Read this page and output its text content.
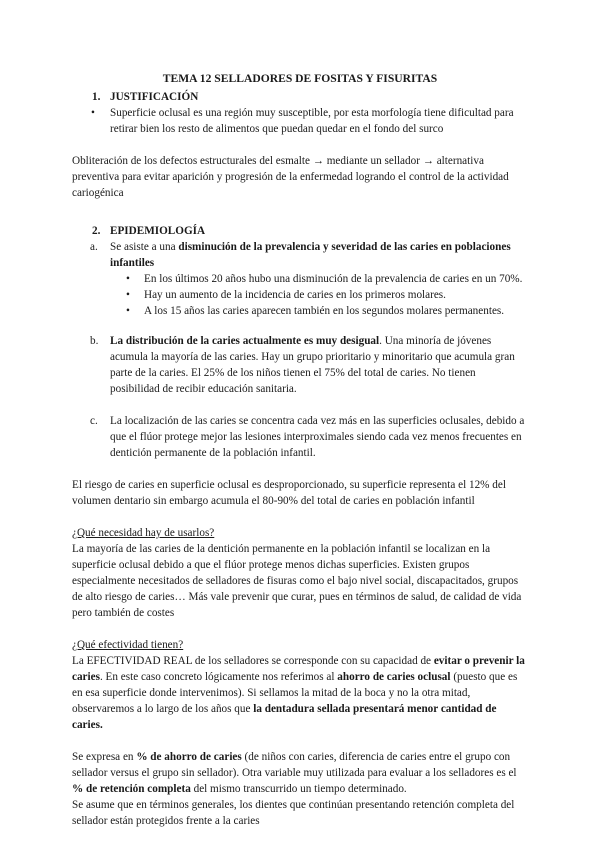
TEMA 12 SELLADORES DE FOSITAS Y FISURITAS
1. JUSTIFICACIÓN
• Superficie oclusal es una región muy susceptible, por esta morfología tiene dificultad para retirar bien los resto de alimentos que puedan quedar en el fondo del surco

Obliteración de los defectos estructurales del esmalte → mediante un sellador → alternativa preventiva para evitar aparición y progresión de la enfermedad logrando el control de la actividad cariogénica

2. EPIDEMIOLOGÍA
a. Se asiste a una disminución de la prevalencia y severidad de las caries en poblaciones infantiles
• En los últimos 20 años hubo una disminución de la prevalencia de caries en un 70%.
• Hay un aumento de la incidencia de caries en los primeros molares.
• A los 15 años las caries aparecen también en los segundos molares permanentes.
b. La distribución de la caries actualmente es muy desigual. Una minoría de jóvenes acumula la mayoría de las caries. Hay un grupo prioritario y minoritario que acumula gran parte de la caries. El 25% de los niños tienen el 75% del total de caries. No tienen posibilidad de recibir educación sanitaria.
c. La localización de las caries se concentra cada vez más en las superficies oclusales, debido a que el flúor protege mejor las lesiones interproximales siendo cada vez menos frecuentes en dentición permanente de la población infantil.

El riesgo de caries en superficie oclusal es desproporcionado, su superficie representa el 12% del volumen dentario sin embargo acumula el 80-90% del total de caries en población infantil

¿Qué necesidad hay de usarlos?

La mayoría de las caries de la dentición permanente en la población infantil se localizan en la superficie oclusal debido a que el flúor protege menos dichas superficies. Existen grupos especialmente necesitados de selladores de fisuras como el bajo nivel social, discapacitados, grupos de alto riesgo de caries… Más vale prevenir que curar, pues en términos de salud, de calidad de vida pero también de costes

¿Qué efectividad tienen?

La EFECTIVIDAD REAL de los selladores se corresponde con su capacidad de evitar o prevenir la caries. En este caso concreto lógicamente nos referimos al ahorro de caries oclusal (puesto que es en esa superficie donde intervenimos). Si sellamos la mitad de la boca y no la otra mitad, observaremos a lo largo de los años que la dentadura sellada presentará menor cantidad de caries.

Se expresa en % de ahorro de caries (de niños con caries, diferencia de caries entre el grupo con sellador versus el grupo sin sellador). Otra variable muy utilizada para evaluar a los selladores es el % de retención completa del mismo transcurrido un tiempo determinado.

Se asume que en términos generales, los dientes que continúan presentando retención completa del sellador están protegidos frente a la caries
